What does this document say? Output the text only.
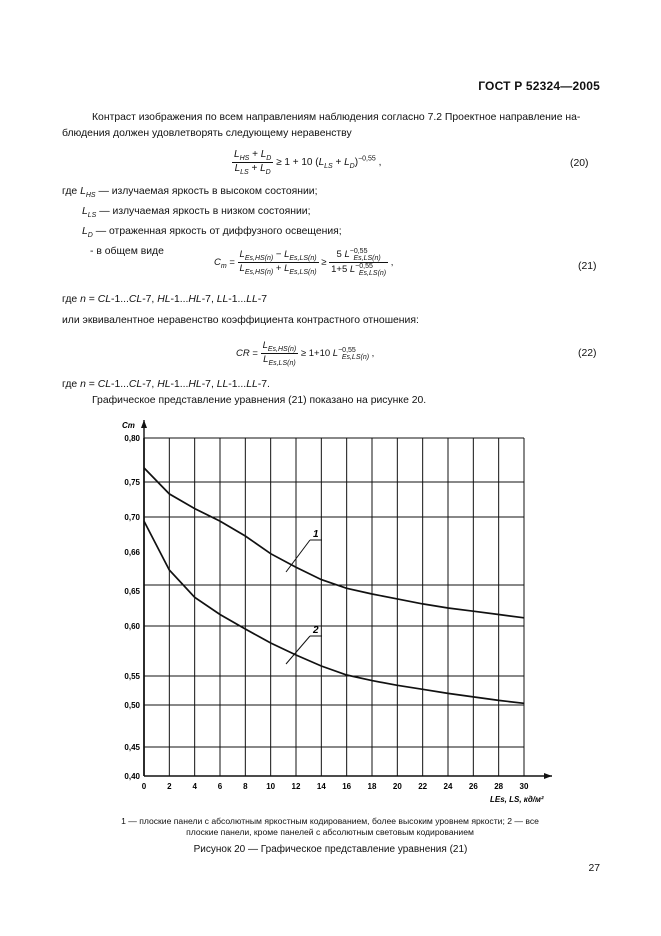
ГОСТ Р 52324—2005
Контраст изображения по всем направлениям наблюдения согласно 7.2 Проектное направление на-блюдения должен удовлетворять следующему неравенству
$\frac{L_{HS} + L_D}{L_{LS} + L_D} \ge 1 + 10$ $(L_{LS} + L_D)^{-0,55}$ ,	(20)
где $L_{HS}$ — излучаемая яркость в высоком состоянии;
$L_{LS}$ — излучаемая яркость в низком состоянии;
$L_D$ — отраженная яркость от диффузного освещения;
- в общем виде
$C_m = \frac{L_{Es,HS(n)} - L_{Es,LS(n)}}{L_{Es,HS(n)} + L_{Es,LS(n)}} \ge \frac{5 L^{-0,55}_{Es,LS(n)}}{1+5 L^{-0,55}_{Es,LS(n)}}$ ,	(21)
где n = CL-1...CL-7, HL-1...HL-7, LL-1...LL-7
или эквивалентное неравенство коэффициента контрастного отношения:
CR = $\frac{L_{Es,HS(n)}}{L_{Es,LS(n)}} \ge 1+10$ $L^{-0,55}_{Es,LS(n)}$ ,	(22)
где n = CL-1...CL-7, HL-1...HL-7, LL-1...LL-7.
Графическое представление уравнения (21) показано на рисунке 20.
0,40
0,45
0,50
0,55
0,60
0,65
0,66
0,70
0,75
0,80
0	2	4	6	8 10 12 14 16 18 20 22 24 26 28 30
Cm
LEs, LS, кд/м²
1
2
1 — плоские панели с абсолютным яркостным кодированием, более высоким уровнем яркости; 2 — все плоские панели, кроме панелей с абсолютным световым кодированием
Рисунок 20 — Графическое представление уравнения (21)
27
